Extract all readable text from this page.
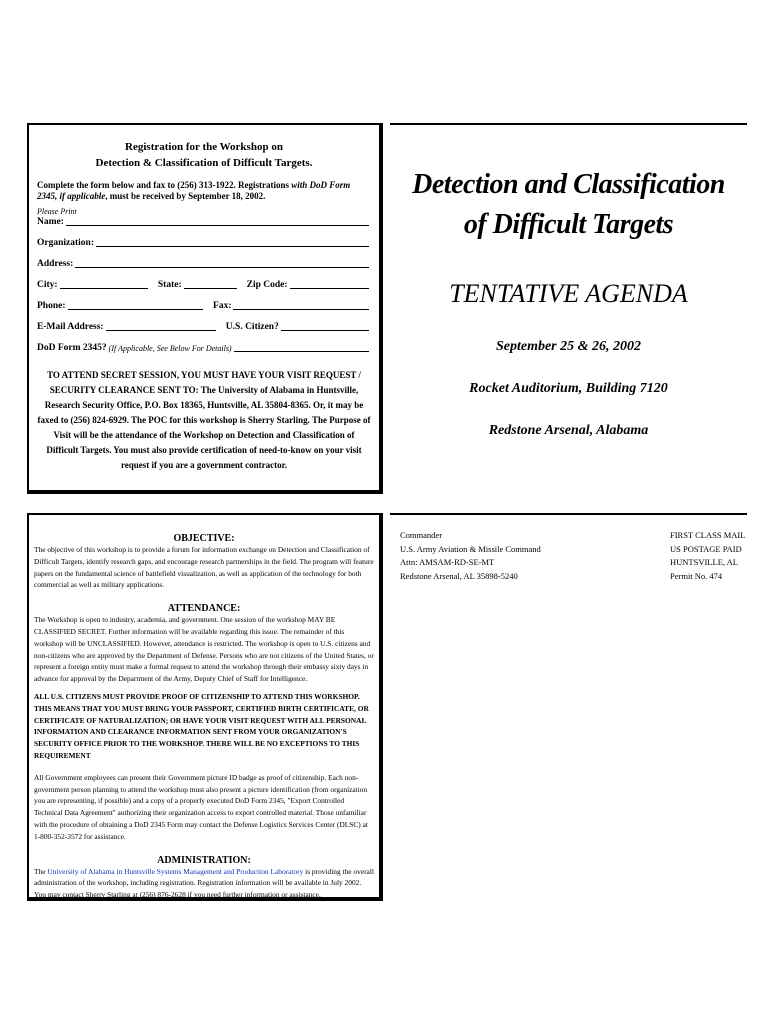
Registration for the Workshop on
Detection & Classification of Difficult Targets.
Complete the form below and fax to (256) 313-1922. Registrations with DoD Form 2345, if applicable, must be received by September 18, 2002.
Please Print
Name:
Organization:
Address:
City:	State:	Zip Code:
Phone:	Fax:
E-Mail Address:	U.S. Citizen?
DoD Form 2345? (If Applicable, See Below For Details)
TO ATTEND SECRET SESSION, YOU MUST HAVE YOUR VISIT REQUEST / SECURITY CLEARANCE SENT TO: The University of Alabama in Huntsville, Research Security Office, P.O. Box 18365, Huntsville, AL 35804-8365. Or, it may be faxed to (256) 824-6929. The POC for this workshop is Sherry Starling. The Purpose of Visit will be the attendance of the Workshop on Detection and Classification of Difficult Targets. You must also provide certification of need-to-know on your visit request if you are a government contractor.
OBJECTIVE:
The objective of this workshop is to provide a forum for information exchange on Detection and Classification of Difficult Targets, identify research gaps, and encourage research partnerships in the field. The program will feature papers on the fundamental science of battlefield visualization, as well as application of the technology for both commercial as well as military applications.
ATTENDANCE:
The Workshop is open to industry, academia, and government. One session of the workshop MAY BE CLASSIFIED SECRET. Further information will be available regarding this issue. The remainder of this workshop will be UNCLASSIFIED. However, attendance is restricted. The workshop is open to U.S. citizens and non-citizens who are approved by the Department of Defense. Persons who are not citizens of the United States, or represent a foreign entity must make a formal request to attend the workshop through their embassy sixty days in advance for approval by the Department of the Army, Deputy Chief of Staff for Intelligence.
ALL U.S. CITIZENS MUST PROVIDE PROOF OF CITIZENSHIP TO ATTEND THIS WORKSHOP. THIS MEANS THAT YOU MUST BRING YOUR PASSPORT, CERTIFIED BIRTH CERTIFICATE, OR CERTIFICATE OF NATURALIZATION; OR HAVE YOUR VISIT REQUEST WITH ALL PERSONAL INFORMATION AND CLEARANCE INFORMATION SENT FROM YOUR ORGANIZATION'S SECURITY OFFICE PRIOR TO THE WORKSHOP. THERE WILL BE NO EXCEPTIONS TO THIS REQUIREMENT
All Government employees can present their Government picture ID badge as proof of citizenship. Each non-government person planning to attend the workshop must also present a picture identification (from organization you are representing, if possible) and a copy of a properly executed DoD Form 2345, "Export Controlled Technical Data Agreement" authorizing their organization access to export controlled material. Those unfamiliar with the procedure of obtaining a DoD 2345 Form may contact the Defense Logistics Services Center (DLSC) at 1-800-352-3572 for assistance.
ADMINISTRATION:
The University of Alabama in Huntsville Systems Management and Production Laboratory is providing the overall administration of the workshop, including registration. Registration information will be available in July 2002. You may contact Sherry Starling at (256) 876-2628 if you need further information or assistance.
Detection and Classification
of Difficult Targets
TENTATIVE AGENDA
September 25 & 26, 2002
Rocket Auditorium, Building 7120
Redstone Arsenal, Alabama
Commander
U.S. Army Aviation & Missile Command
Attn: AMSAM-RD-SE-MT
Redstone Arsenal, AL 35898-5240
FIRST CLASS MAIL
US POSTAGE PAID
HUNTSVILLE, AL
Permit No. 474
